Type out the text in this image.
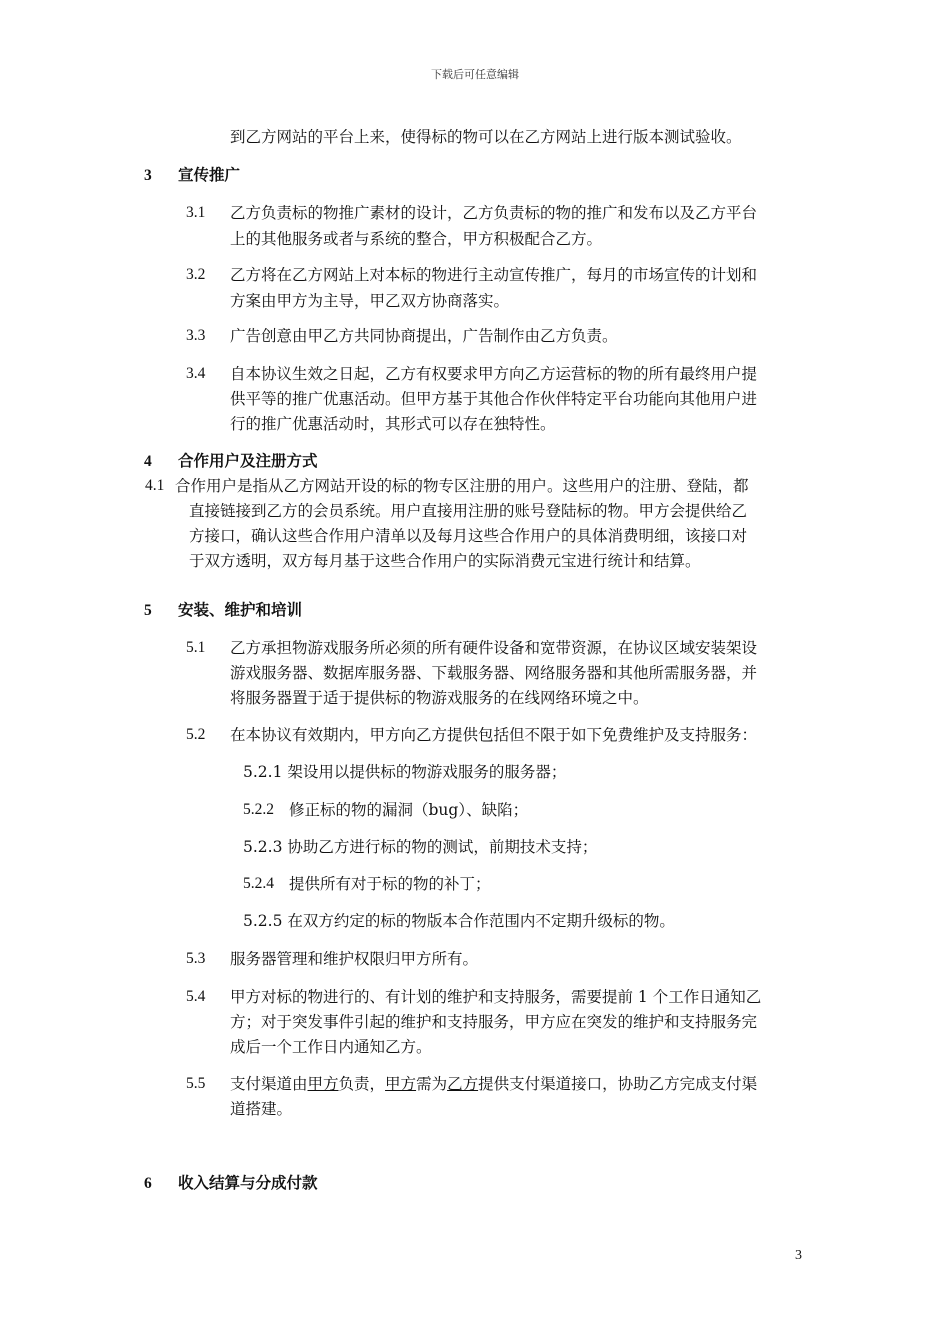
下载后可任意编辑
到乙方网站的平台上来，使得标的物可以在乙方网站上进行版本测试验收。
3 宣传推广
3.1 乙方负责标的物推广素材的设计，乙方负责标的物的推广和发布以及乙方平台
上的其他服务或者与系统的整合，甲方积极配合乙方。
3.2 乙方将在乙方网站上对本标的物进行主动宣传推广，每月的市场宣传的计划和
方案由甲方为主导，甲乙双方协商落实。
3.3 广告创意由甲乙方共同协商提出，广告制作由乙方负责。
3.4 自本协议生效之日起，乙方有权要求甲方向乙方运营标的物的所有最终用户提
供平等的推广优惠活动。但甲方基于其他合作伙伴特定平台功能向其他用户进
行的推广优惠活动时，其形式可以存在独特性。
4 合作用户及注册方式
4.1 合作用户是指从乙方网站开设的标的物专区注册的用户。这些用户的注册、登陆，都
直接链接到乙方的会员系统。用户直接用注册的账号登陆标的物。甲方会提供给乙
方接口，确认这些合作用户清单以及每月这些合作用户的具体消费明细，该接口对
于双方透明，双方每月基于这些合作用户的实际消费元宝进行统计和结算。
5 安装、维护和培训
5.1 乙方承担物游戏服务所必须的所有硬件设备和宽带资源，在协议区域安装架设
游戏服务器、数据库服务器、下载服务器、网络服务器和其他所需服务器，并
将服务器置于适于提供标的物游戏服务的在线网络环境之中。
5.2 在本协议有效期内，甲方向乙方提供包括但不限于如下免费维护及支持服务：
5.2.1 架设用以提供标的物游戏服务的服务器；
5.2.2 修正标的物的漏洞（bug）、缺陷；
5.2.3 协助乙方进行标的物的测试，前期技术支持；
5.2.4 提供所有对于标的物的补丁；
5.2.5 在双方约定的标的物版本合作范围内不定期升级标的物。
5.3 服务器管理和维护权限归甲方所有。
5.4 甲方对标的物进行的、有计划的维护和支持服务，需要提前 1 个工作日通知乙
方；对于突发事件引起的维护和支持服务，甲方应在突发的维护和支持服务完
成后一个工作日内通知乙方。
5.5 支付渠道由甲方负责，甲方需为乙方提供支付渠道接口，协助乙方完成支付渠
道搭建。
6 收入结算与分成付款
3
